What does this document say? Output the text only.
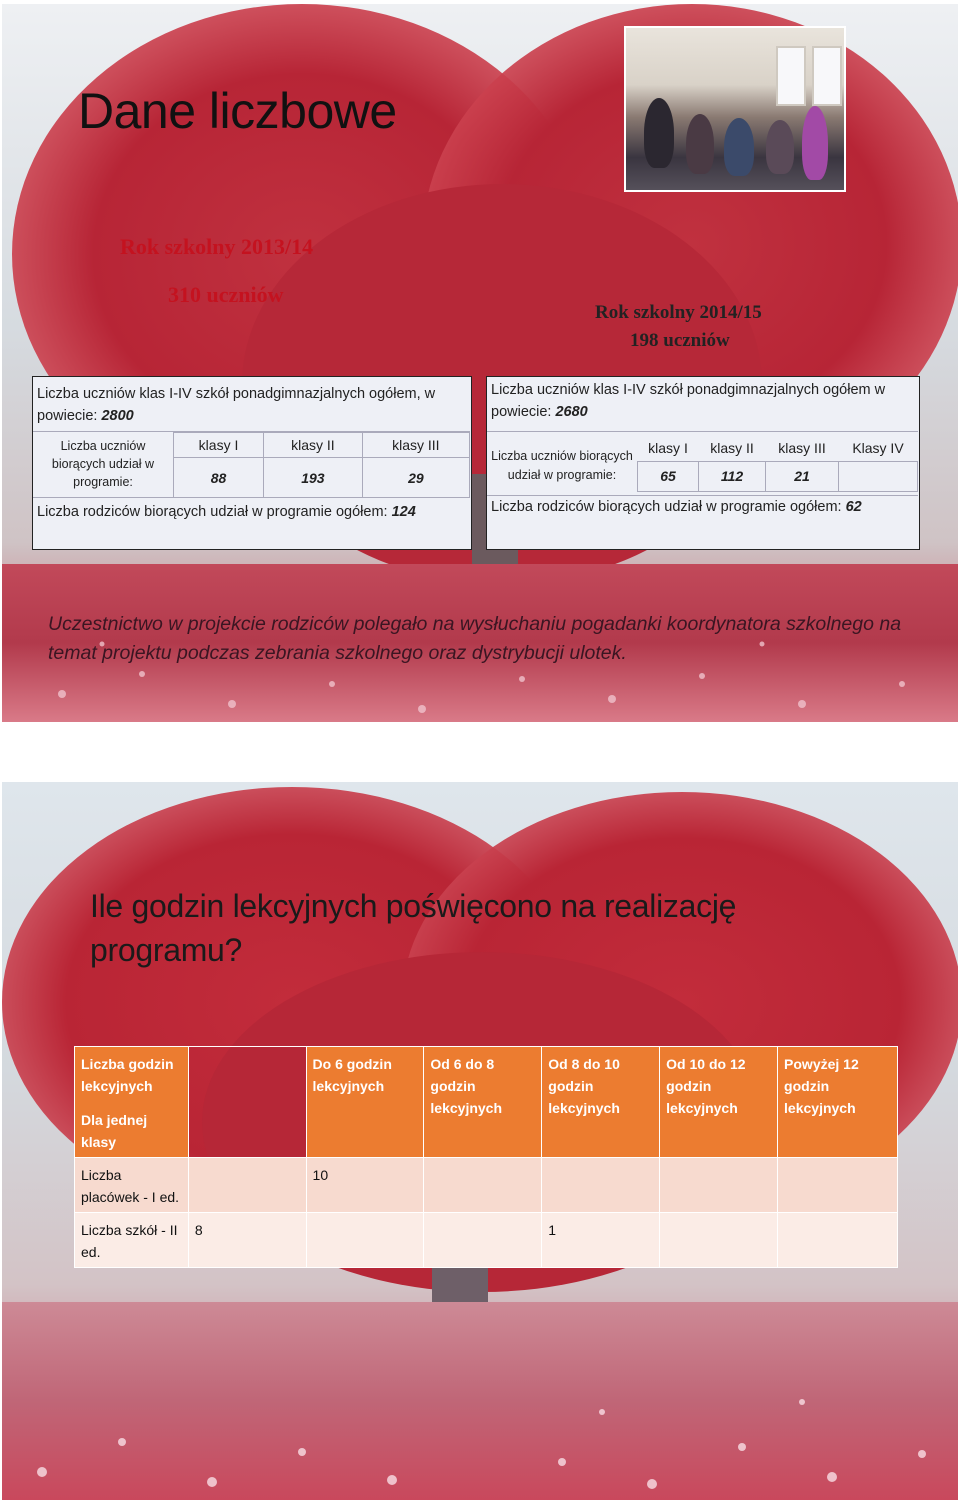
Dane liczbowe
Rok szkolny 2013/14
310 uczniów
Rok szkolny 2014/15
198 uczniów
Liczba uczniów klas I-IV szkół ponadgimnazjalnych ogółem, w powiecie: 2800
Liczba uczniów biorących udział w programie:
klasy I	klasy II	klasy III
88	193	29
Liczba rodziców biorących udział w programie ogółem: 124
Liczba uczniów klas I-IV szkół ponadgimnazjalnych ogółem w powiecie: 2680
Liczba uczniów biorących udział w programie:
klasy I	klasy II	klasy III	Klasy IV
65	112	21	
Liczba rodziców biorących udział w programie ogółem: 62
Uczestnictwo w projekcie rodziców polegało na wysłuchaniu pogadanki koordynatora szkolnego na temat projektu podczas zebrania szkolnego oraz dystrybucji ulotek.
Ile godzin lekcyjnych poświęcono na realizację programu?
Liczba godzin lekcyjnych
Dla jednej klasy		Do 6 godzin lekcyjnych	Od 6 do 8 godzin lekcyjnych	Od 8 do 10 godzin lekcyjnych	Od 10 do 12 godzin lekcyjnych	Powyżej 12 godzin lekcyjnych
Liczba placówek - I ed.		10				
Liczba szkół - II ed.	8			1		
